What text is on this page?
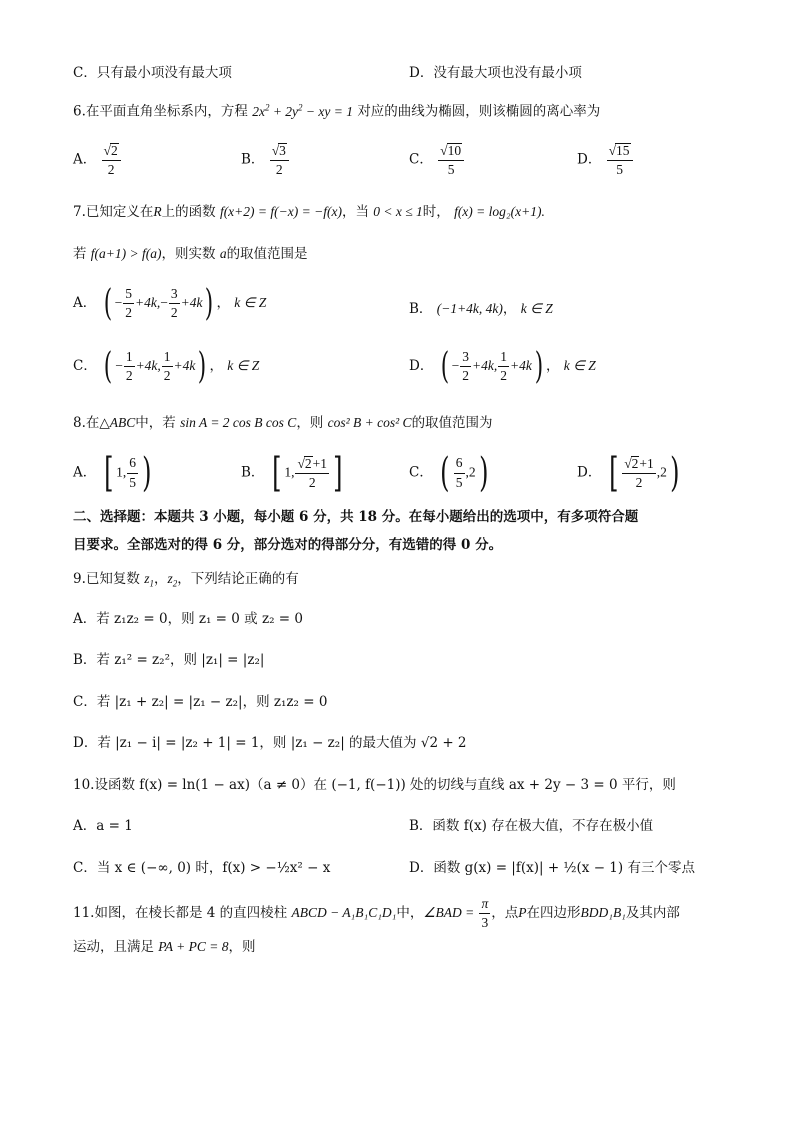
C．只有最小项没有最大项	D．没有最大项也没有最小项
6.在平面直角坐标系内，方程 $2x^2 + 2y^2$ − xy = 1 对应的曲线为椭圆，则该椭圆的离心率为
A． $\frac{√2}{2}$	B． $\frac{√3}{2}$	C． $\frac{√10}{5}$	D． $\frac{√15}{5}$
7.已知定义在R上的函数 f(x+2) = f(−x) = −f(x)，当 0 < x ≤ 1时， f(x) = log₂(x+1).
若 f(a+1) > f(a)，则实数 a的取值范围是
A． ( − $\frac{5}{2} +4k,- \frac{3}{2} +4k$) ， k ∈ Z	B． (−1+4k, 4k)， k ∈ Z
C． ( − $\frac{1}{2} +4k$, $\frac{1}{2} +4k$) ， k ∈ Z	D． ( − $\frac{3}{2} +4k$, $\frac{1}{2} +4k$) ， k ∈ Z
8.在△ABC中，若 sin A = 2 cos B cos C，则 cos² B + cos² C的取值范围为
A． [ 1, $\frac{6}{5}$ )	B． [ 1, $\frac{√2+1}{2}$ ]	C． ( $\frac{6}{5} ,2$)	D． [ $\frac{√2+1}{2} ,2$)
二、选择题：本题共 3 小题，每小题 6 分，共 18 分。在每小题给出的选项中，有多项符合题
目要求。全部选对的得 6 分，部分选对的得部分分，有选错的得 0 分。
9.已知复数 $z_1$，$z_2$，下列结论正确的有
A．若 z₁z₂ = 0，则 z₁ = 0 或 z₂ = 0
B．若 z₁² = z₂²，则 |z₁| = |z₂|
C．若 |z₁ + z₂| = |z₁ − z₂|，则 z₁z₂ = 0
D．若 |z₁ − i| = |z₂ + 1| = 1，则 |z₁ − z₂| 的最大值为 √2 + 2
10.设函数 f(x) = ln(1 − ax)（a ≠ 0）在 (−1, f(−1)) 处的切线与直线 ax + 2y − 3 = 0 平行，则
A．a = 1	B．函数 f(x) 存在极大值，不存在极小值
C．当 x ∈ (−∞, 0) 时，f(x) > −½x² − x	D．函数 g(x) = |f(x)| + ½(x − 1) 有三个零点
11.如图，在棱长都是 4 的直四棱柱 ABCD − A₁B₁C₁D₁中，∠BAD = $\frac{\pi}{3}$ ，点P在四边形BDD₁B₁及其内部
运动，且满足 PA + PC = 8，则
